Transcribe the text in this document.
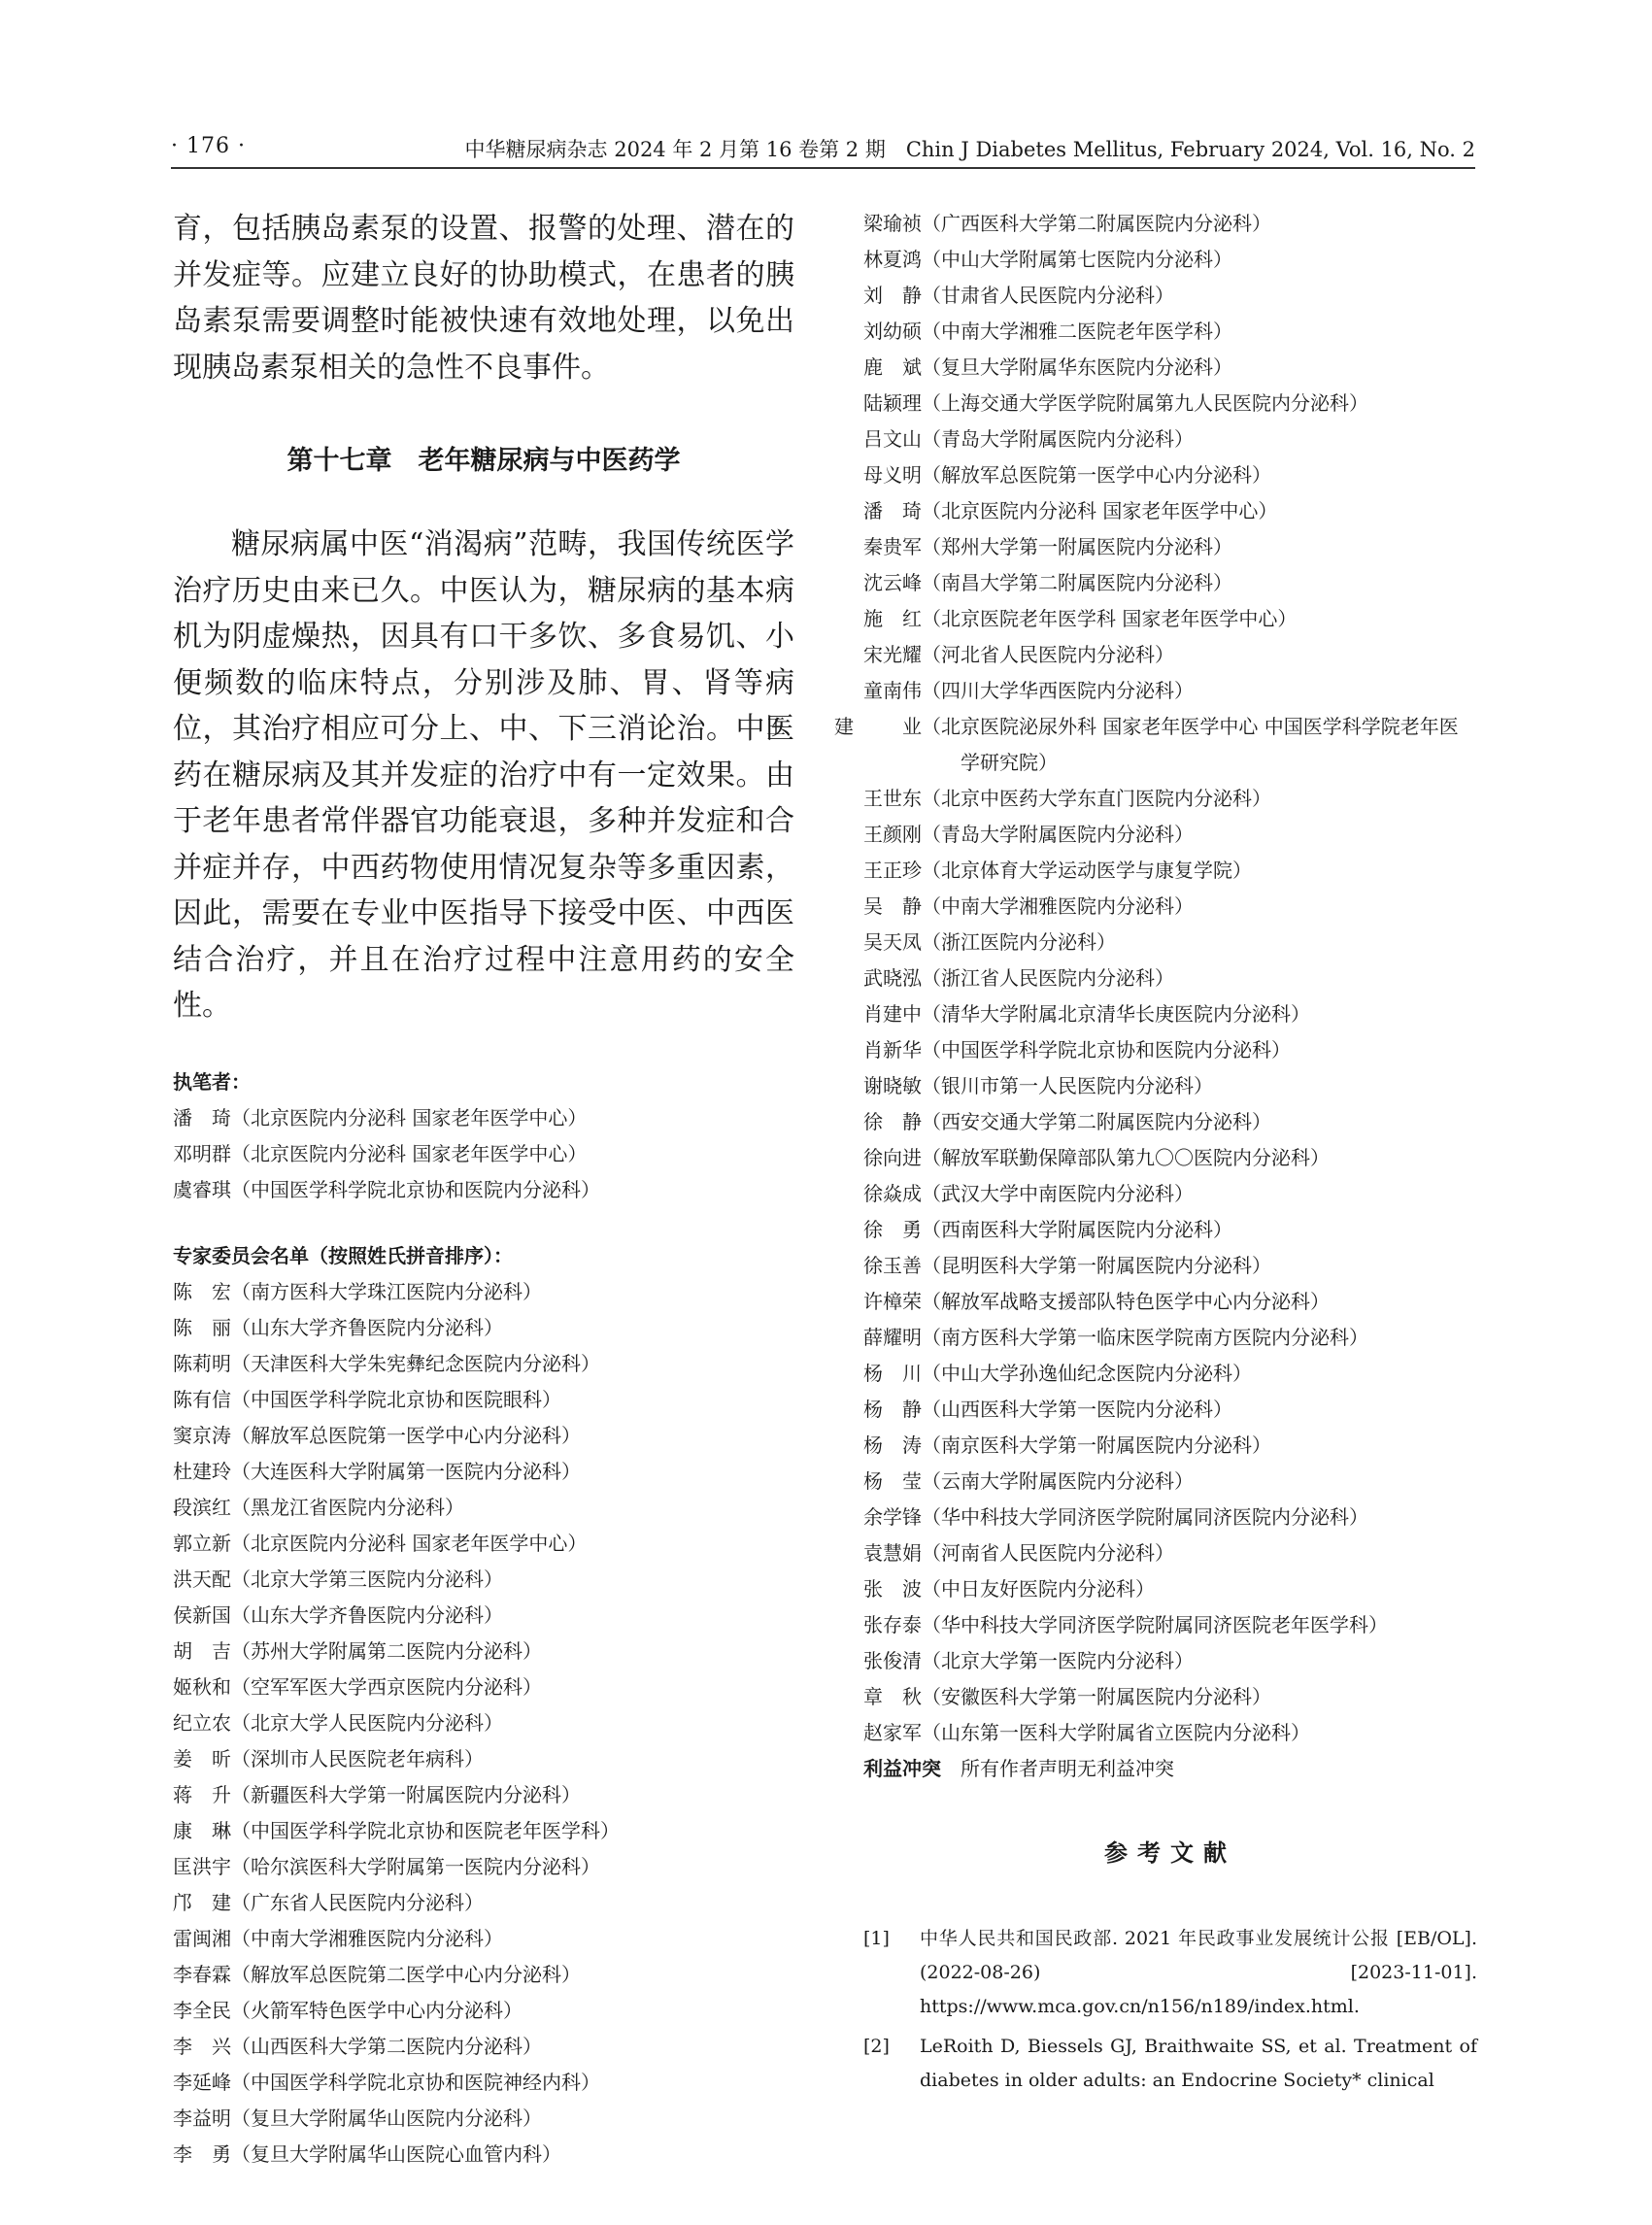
· 176 ·	中华糖尿病杂志 2024 年 2 月第 16 卷第 2 期　Chin J Diabetes Mellitus, February 2024, Vol. 16, No. 2

育，包括胰岛素泵的设置、报警的处理、潜在的并发症等。应建立良好的协助模式，在患者的胰岛素泵需要调整时能被快速有效地处理，以免出现胰岛素泵相关的急性不良事件。

第十七章　老年糖尿病与中医药学

糖尿病属中医“消渴病”范畴，我国传统医学治疗历史由来已久。中医认为，糖尿病的基本病机为阴虚燥热，因具有口干多饮、多食易饥、小便频数的临床特点，分别涉及肺、胃、肾等病位，其治疗相应可分上、中、下三消论治。中医药在糖尿病及其并发症的治疗中有一定效果。由于老年患者常伴器官功能衰退，多种并发症和合并症并存，中西药物使用情况复杂等多重因素，因此，需要在专业中医指导下接受中医、中西医结合治疗，并且在治疗过程中注意用药的安全性。

执笔者：

潘琦（北京医院内分泌科 国家老年医学中心）

邓明群（北京医院内分泌科 国家老年医学中心）

虞睿琪（中国医学科学院北京协和医院内分泌科）

专家委员会名单（按照姓氏拼音排序）：

陈宏（南方医科大学珠江医院内分泌科）

陈丽（山东大学齐鲁医院内分泌科）

陈莉明（天津医科大学朱宪彝纪念医院内分泌科）

陈有信（中国医学科学院北京协和医院眼科）

窦京涛（解放军总医院第一医学中心内分泌科）

杜建玲（大连医科大学附属第一医院内分泌科）

段滨红（黑龙江省医院内分泌科）

郭立新（北京医院内分泌科 国家老年医学中心）

洪天配（北京大学第三医院内分泌科）

侯新国（山东大学齐鲁医院内分泌科）

胡吉（苏州大学附属第二医院内分泌科）

姬秋和（空军军医大学西京医院内分泌科）

纪立农（北京大学人民医院内分泌科）

姜昕（深圳市人民医院老年病科）

蒋升（新疆医科大学第一附属医院内分泌科）

康琳（中国医学科学院北京协和医院老年医学科）

匡洪宇（哈尔滨医科大学附属第一医院内分泌科）

邝建（广东省人民医院内分泌科）

雷闽湘（中南大学湘雅医院内分泌科）

李春霖（解放军总医院第二医学中心内分泌科）

李全民（火箭军特色医学中心内分泌科）

李兴（山西医科大学第二医院内分泌科）

李延峰（中国医学科学院北京协和医院神经内科）

李益明（复旦大学附属华山医院内分泌科）

李勇（复旦大学附属华山医院心血管内科）

梁瑜祯（广西医科大学第二附属医院内分泌科）

林夏鸿（中山大学附属第七医院内分泌科）

刘静（甘肃省人民医院内分泌科）

刘幼硕（中南大学湘雅二医院老年医学科）

鹿斌（复旦大学附属华东医院内分泌科）

陆颖理（上海交通大学医学院附属第九人民医院内分泌科）

吕文山（青岛大学附属医院内分泌科）

母义明（解放军总医院第一医学中心内分泌科）

潘琦（北京医院内分泌科 国家老年医学中心）

秦贵军（郑州大学第一附属医院内分泌科）

沈云峰（南昌大学第二附属医院内分泌科）

施红（北京医院老年医学科 国家老年医学中心）

宋光耀（河北省人民医院内分泌科）

童南伟（四川大学华西医院内分泌科）

王建业（北京医院泌尿外科 国家老年医学中心 中国医学科学院老年医学研究院）

王世东（北京中医药大学东直门医院内分泌科）

王颜刚（青岛大学附属医院内分泌科）

王正珍（北京体育大学运动医学与康复学院）

吴静（中南大学湘雅医院内分泌科）

吴天凤（浙江医院内分泌科）

武晓泓（浙江省人民医院内分泌科）

肖建中（清华大学附属北京清华长庚医院内分泌科）

肖新华（中国医学科学院北京协和医院内分泌科）

谢晓敏（银川市第一人民医院内分泌科）

徐静（西安交通大学第二附属医院内分泌科）

徐向进（解放军联勤保障部队第九〇〇医院内分泌科）

徐焱成（武汉大学中南医院内分泌科）

徐勇（西南医科大学附属医院内分泌科）

徐玉善（昆明医科大学第一附属医院内分泌科）

许樟荣（解放军战略支援部队特色医学中心内分泌科）

薛耀明（南方医科大学第一临床医学院南方医院内分泌科）

杨川（中山大学孙逸仙纪念医院内分泌科）

杨静（山西医科大学第一医院内分泌科）

杨涛（南京医科大学第一附属医院内分泌科）

杨莹（云南大学附属医院内分泌科）

余学锋（华中科技大学同济医学院附属同济医院内分泌科）

袁慧娟（河南省人民医院内分泌科）

张波（中日友好医院内分泌科）

张存泰（华中科技大学同济医学院附属同济医院老年医学科）

张俊清（北京大学第一医院内分泌科）

章秋（安徽医科大学第一附属医院内分泌科）

赵家军（山东第一医科大学附属省立医院内分泌科）

利益冲突 所有作者声明无利益冲突

参考文献
[1]	中华人民共和国民政部. 2021 年民政事业发展统计公报 [EB/OL]. (2022-08-26) [2023-11-01]. https://www.mca.gov.cn/n156/n189/index.html.
[2]	LeRoith D, Biessels GJ, Braithwaite SS, et al. Treatment of diabetes in older adults: an Endocrine Society* clinical
